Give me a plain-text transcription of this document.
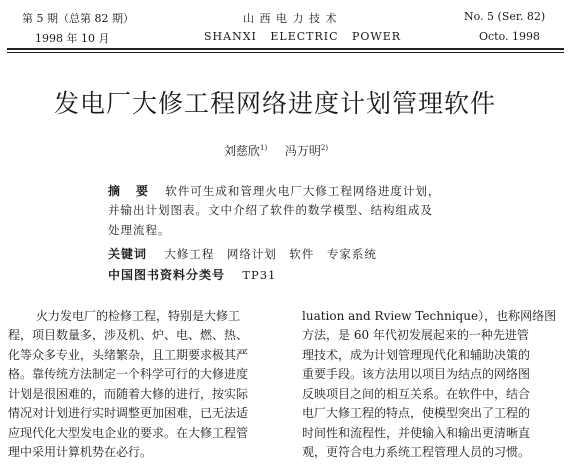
第 5 期（总第 82 期）
1998 年 10 月
山 西 电 力 技 术
SHANXI   ELECTRIC   POWER
No. 5 (Ser. 82)
Octo. 1998
发电厂大修工程网络进度计划管理软件
刘慈欣$^{1)}$ 冯万明$^{2)}$
摘　要 软件可生成和管理火电厂大修工程网络进度计划，
并输出计划图表。文中介绍了软件的数学模型、结构组成及
处理流程。
关键词 大修工程　网络计划　软件　专家系统
中国图书资料分类号 TP31
火力发电厂的检修工程，特别是大修工
程，项目数量多，涉及机、炉、电、燃、热、
化等众多专业，头绪繁杂，且工期要求极其严
格。靠传统方法制定一个科学可行的大修进度
计划是很困难的，而随着大修的进行，按实际
情况对计划进行实时调整更加困难，已无法适
应现代化大型发电企业的要求。在大修工程管
理中采用计算机势在必行。
luation and Rview Technique），也称网络图
方法，是 60 年代初发展起来的一种先进管
理技术，成为计划管理现代化和辅助决策的
重要手段。该方法用以项目为结点的网络图
反映项目之间的相互关系。在软件中，结合
电厂大修工程的特点，使模型突出了工程的
时间性和流程性，并使输入和输出更清晰直
观，更符合电力系统工程管理人员的习惯。
